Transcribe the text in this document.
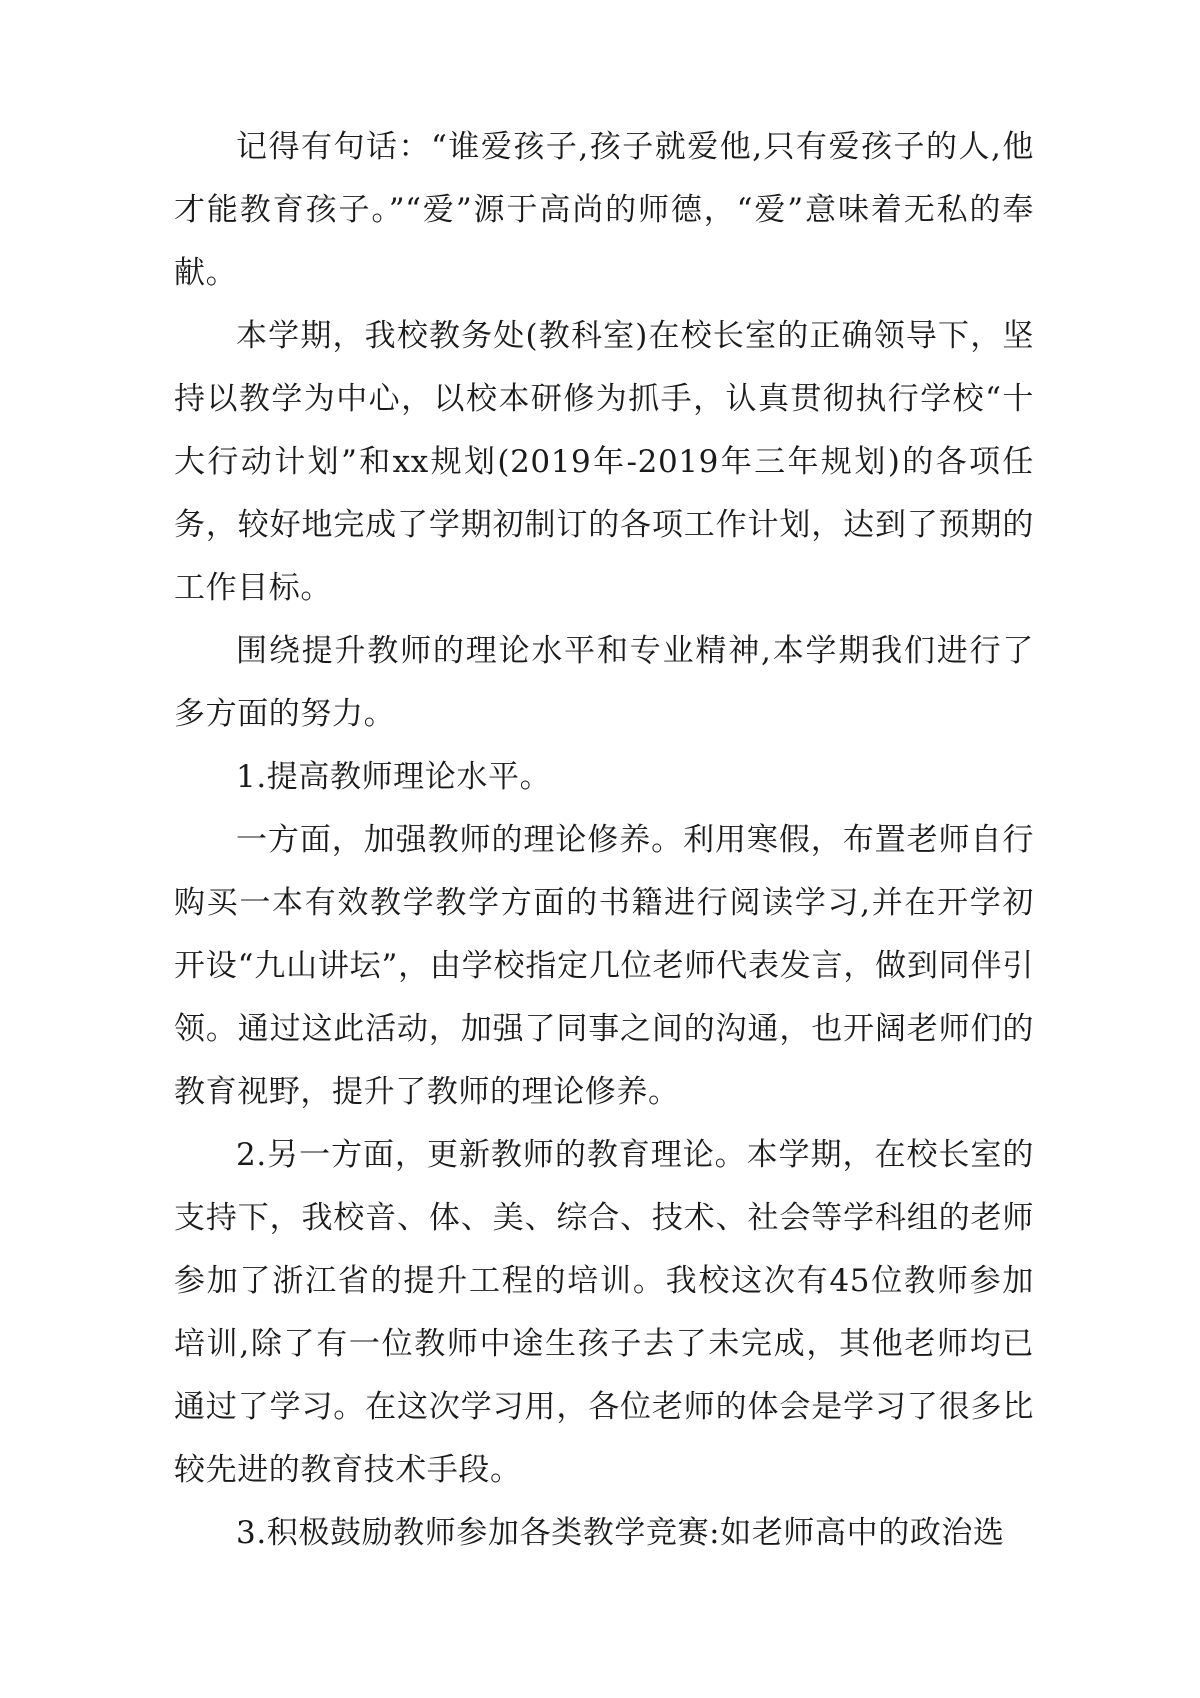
记得有句话：“谁爱孩子,孩子就爱他,只有爱孩子的人,他才能教育孩子。”“爱”源于高尚的师德，“爱”意味着无私的奉献。

本学期，我校教务处(教科室)在校长室的正确领导下，坚持以教学为中心，以校本研修为抓手，认真贯彻执行学校“十大行动计划”和xx规划(2019年-2019年三年规划)的各项任务，较好地完成了学期初制订的各项工作计划，达到了预期的工作目标。

围绕提升教师的理论水平和专业精神,本学期我们进行了多方面的努力。

1.提高教师理论水平。

一方面，加强教师的理论修养。利用寒假，布置老师自行购买一本有效教学教学方面的书籍进行阅读学习,并在开学初开设“九山讲坛”，由学校指定几位老师代表发言，做到同伴引领。通过这此活动，加强了同事之间的沟通，也开阔老师们的教育视野，提升了教师的理论修养。

2.另一方面，更新教师的教育理论。本学期，在校长室的支持下，我校音、体、美、综合、技术、社会等学科组的老师参加了浙江省的提升工程的培训。我校这次有45位教师参加培训,除了有一位教师中途生孩子去了未完成，其他老师均已通过了学习。在这次学习用，各位老师的体会是学习了很多比较先进的教育技术手段。

3.积极鼓励教师参加各类教学竞赛:如老师高中的政治选
